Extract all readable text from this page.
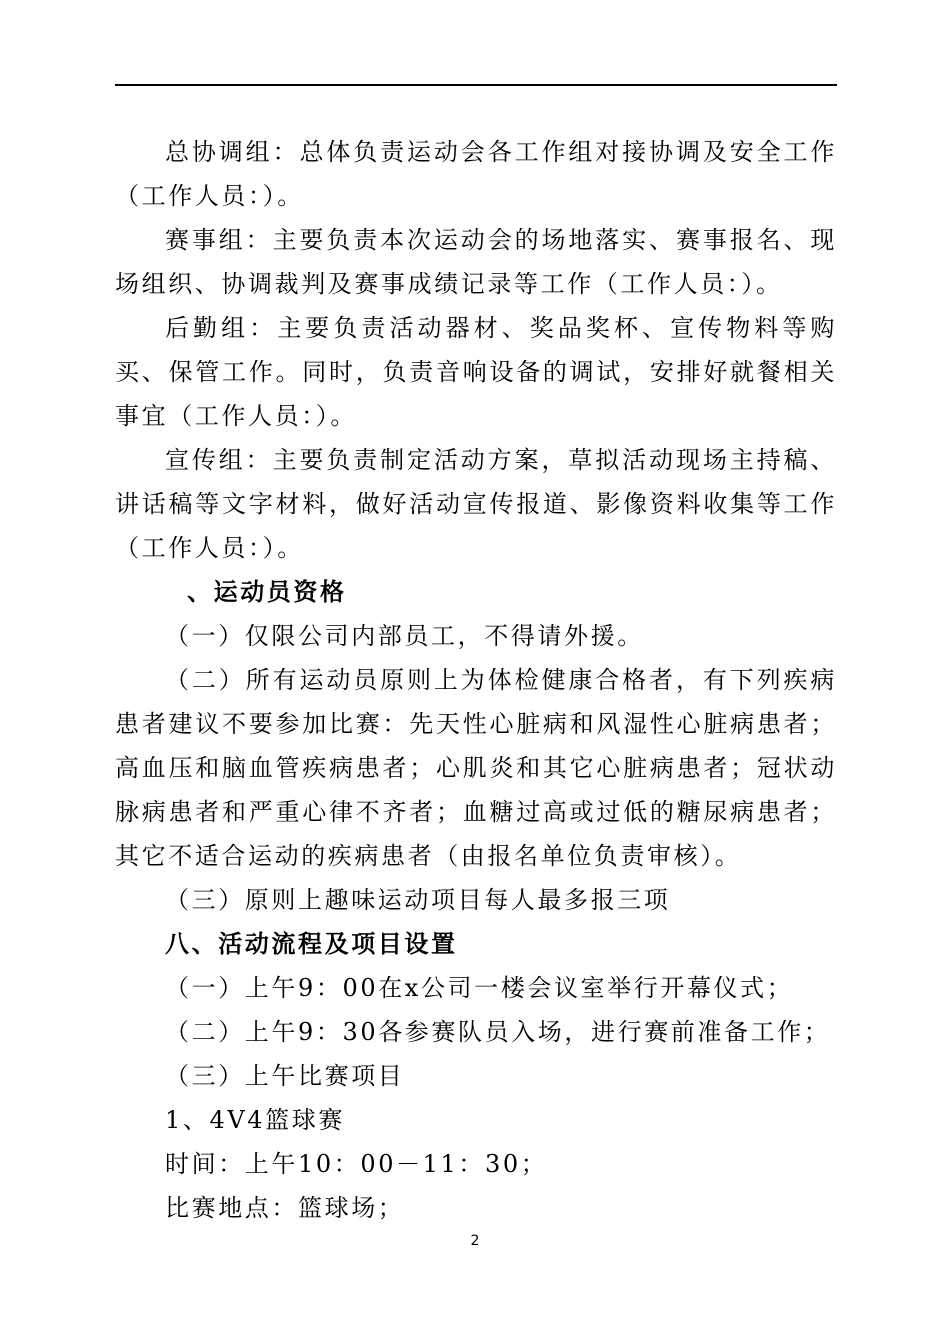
总协调组：总体负责运动会各工作组对接协调及安全工作（工作人员：）。

赛事组：主要负责本次运动会的场地落实、赛事报名、现场组织、协调裁判及赛事成绩记录等工作（工作人员：）。

后勤组：主要负责活动器材、奖品奖杯、宣传物料等购买、保管工作。同时，负责音响设备的调试，安排好就餐相关事宜（工作人员：）。

宣传组：主要负责制定活动方案，草拟活动现场主持稿、讲话稿等文字材料，做好活动宣传报道、影像资料收集等工作（工作人员：）。

、运动员资格

（一）仅限公司内部员工，不得请外援。

（二）所有运动员原则上为体检健康合格者，有下列疾病患者建议不要参加比赛：先天性心脏病和风湿性心脏病患者；高血压和脑血管疾病患者；心肌炎和其它心脏病患者；冠状动脉病患者和严重心律不齐者；血糖过高或过低的糖尿病患者；其它不适合运动的疾病患者（由报名单位负责审核）。

（三）原则上趣味运动项目每人最多报三项

八、活动流程及项目设置

（一）上午9：00在x公司一楼会议室举行开幕仪式；

（二）上午9：30各参赛队员入场，进行赛前准备工作；

（三）上午比赛项目

1、4V4篮球赛

时间：上午10：00－11：30；

比赛地点：篮球场；

2
